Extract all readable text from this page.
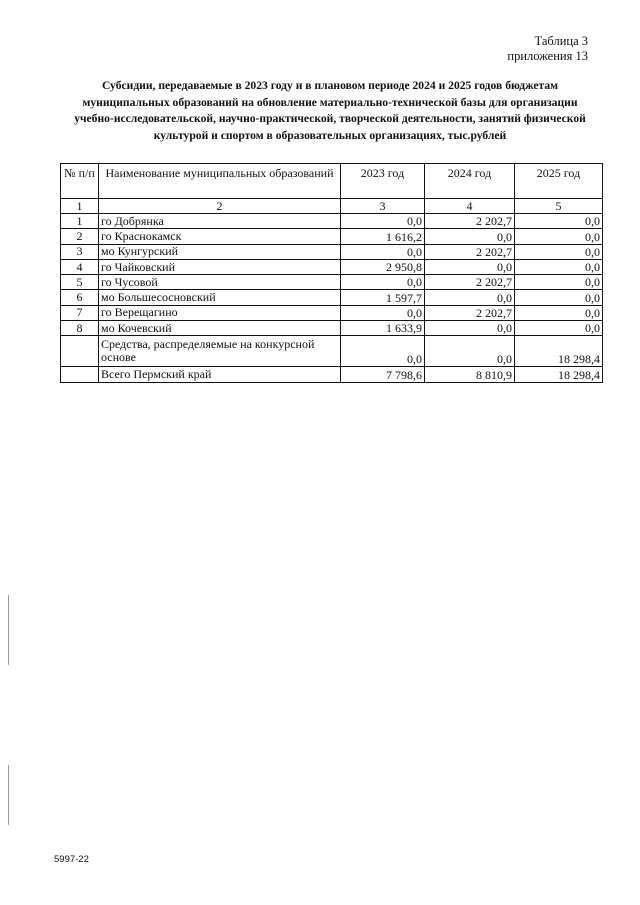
Таблица 3
приложения 13
Субсидии, передаваемые в 2023 году и в плановом периоде 2024 и 2025 годов бюджетам
муниципальных образований на обновление материально-технической базы для организации
учебно-исследовательской, научно-практической, творческой деятельности, занятий физической
культурой и спортом в образовательных организациях, тыс.рублей
№ п/п	Наименование муниципальных образований	2023 год	2024 год	2025 год
1	2	3	4	5
1	го Добрянка	0,0	2 202,7	0,0
2	го Краснокамск	1 616,2	0,0	0,0
3	мо Кунгурский	0,0	2 202,7	0,0
4	го Чайковский	2 950,8	0,0	0,0
5	го Чусовой	0,0	2 202,7	0,0
6	мо Большесосновский	1 597,7	0,0	0,0
7	го Верещагино	0,0	2 202,7	0,0
8	мо Кочевский	1 633,9	0,0	0,0
	Средства, распределяемые на конкурсной основе	0,0	0,0	18 298,4
	Всего Пермский край	7 798,6	8 810,9	18 298,4
5997-22
